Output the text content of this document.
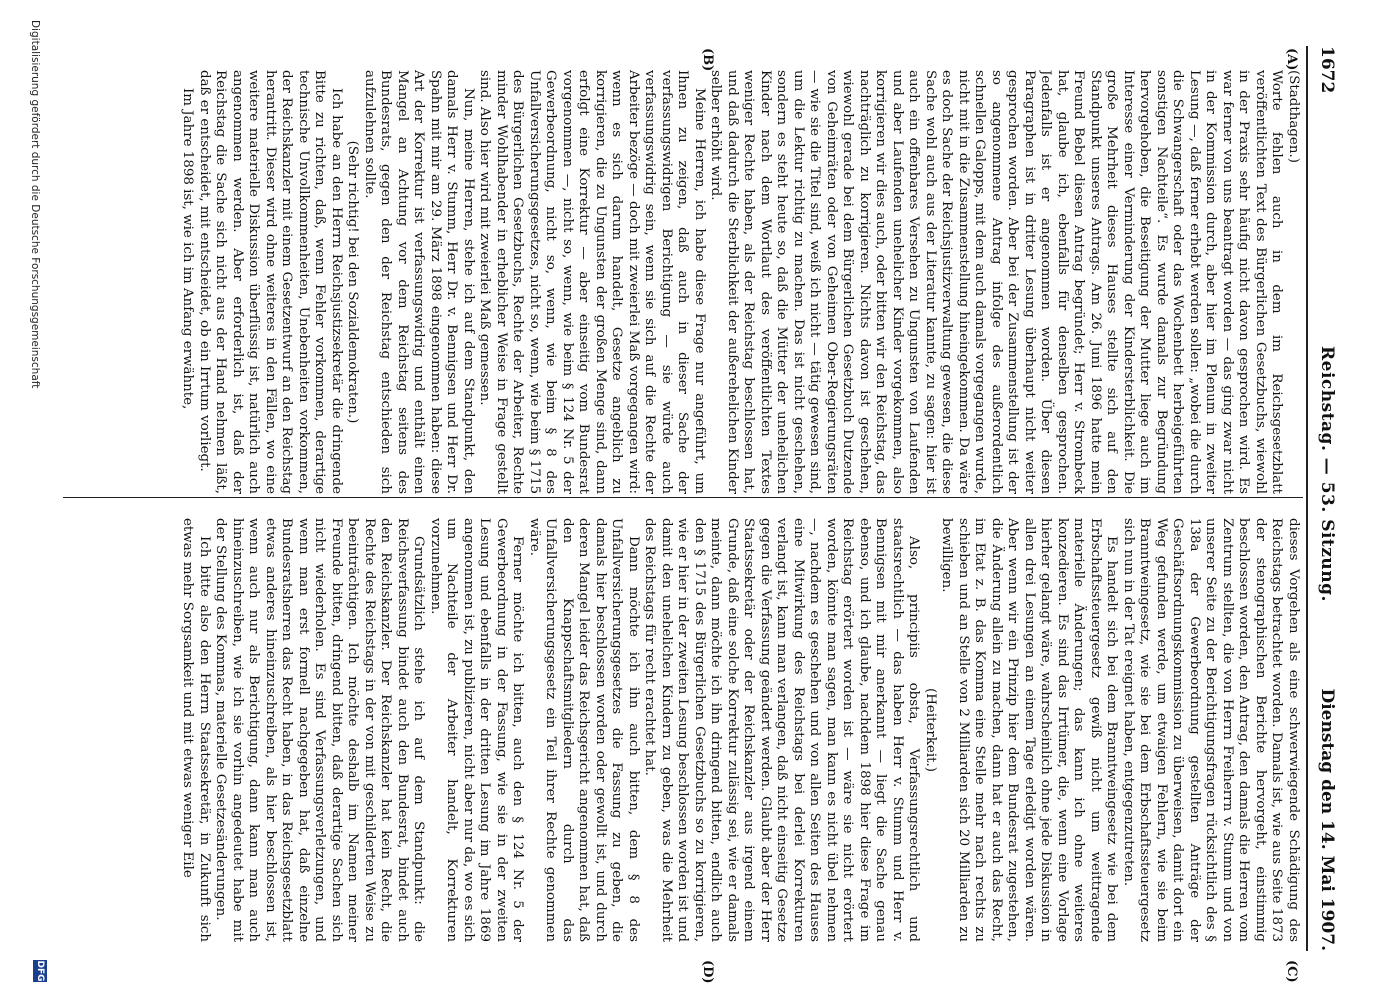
1672
Reichstag. — 53. Sitzung.
Dienstag den 14. Mai 1907.
(A)
(B)
(C)
(D)

(Stadthagen.)

Worte fehlen auch in dem im Reichsgesetzblatt veröffentlichten Text des Bürgerlichen Gesetzbuchs, wiewohl in der Praxis sehr häufig nicht davon gesprochen wird. Es war ferner von uns beantragt worden — das ging zwar nicht in der Kommission durch, aber hier im Plenum in zweiter Lesung —, daß ferner erhebt werden sollen: „wobei die durch die Schwangerschaft oder das Wochenbett herbeigeführten sonstigen Nachteile“. Es wurde damals zur Begründung hervorgehoben, die Beseitigung der Mutter liege auch im Interesse einer Verminderung der Kindersterblichkeit. Die große Mehrheit dieses Hauses stellte sich auf den Standpunkt unseres Antrags. Am 26. Juni 1896 hatte mein Freund Bebel diesen Antrag begründet; Herr v. Strombeck hat, glaube ich, ebenfalls für denselben gesprochen. Jedenfalls ist er angenommen worden. Über diesen Paragraphen ist in dritter Lesung überhaupt nicht weiter gesprochen worden. Aber bei der Zusammenstellung ist der so angenommene Antrag infolge des außerordentlich schnellen Galopps, mit dem auch damals vorgegangen wurde, nicht mit in die Zusammenstellung hineingekommen. Da wäre es doch Sache der Reichsjustizverwaltung gewesen, die diese Sache wohl auch aus der Literatur kannte, zu sagen: hier ist auch ein offenbares Versehen zu Ungunsten von Laufenden und aber Laufenden unehelicher Kinder vorgekommen, also korrigieren wir dies auch, oder bitten wir den Reichstag, das nachträglich zu korrigieren. Nichts davon ist geschehen, wiewohl gerade bei dem Bürgerlichen Gesetzbuch Dutzende von Geheimräten oder von Geheimen Ober-Regierungsräten — wie sie die Titel sind, weiß ich nicht — tätig gewesen sind, um die Lektur richtig zu machen. Das ist nicht geschehen, sondern es steht heute so, daß die Mütter der unehelichen Kinder nach dem Wortlaut des veröffentlichten Textes weniger Rechte haben, als der Reichstag beschlossen hat, und daß dadurch die Sterblichkeit der außerehelichen Kinder selber erhöht wird.

Meine Herren, ich habe diese Frage nur angeführt, um Ihnen zu zeigen, daß auch in dieser Sache der verfassungswidrigen Berichtigung — sie würde auch verfassungswidrig sein, wenn sie sich auf die Rechte der Arbeiter bezöge — doch mit zweierlei Maß vorgegangen wird: wenn es sich darum handelt, Gesetze angeblich zu korrigieren, die zu Ungunsten der großen Menge sind, dann erfolgt eine Korrektur — aber einseitig vom Bundesrat vorgenommen —, nicht so, wenn, wie beim § 124 Nr. 5 der Gewerbeordnung, nicht so, wenn, wie beim § 8 des Unfallversicherungsgesetzes, nicht so, wenn, wie beim § 1715 des Bürgerlichen Gesetzbuchs, Rechte der Arbeiter, Rechte minder Wohlhabender in erheblicher Weise in Frage gestellt sind. Also hier wird mit zweierlei Maß gemessen.

Nun, meine Herren, stehe ich auf dem Standpunkt, den damals Herr v. Stumm, Herr Dr. v. Bennigsen und Herr Dr. Spahn mit mir am 29. März 1898 eingenommen haben: diese Art der Korrektur ist verfassungswidrig und enthält einen Mangel an Achtung vor dem Reichstag seitens des Bundesrats, gegen den der Reichstag entschieden sich aufzulehnen sollte.

(Sehr richtig! bei den Sozialdemokraten.)

Ich habe an den Herrn Reichsjustizsekretär die dringende Bitte zu richten, daß, wenn Fehler vorkommen, derartige technische Unvollkommenheiten, Unebenheiten vorkommen, der Reichskanzler mit einem Gesetzentwurf an den Reichstag herantritt. Dieser wird ohne weiteres in den Fällen, wo eine weitere materielle Diskussion überflüssig ist, natürlich auch angenommen werden. Aber erforderlich ist, daß der Reichstag die Sache sich nicht aus der Hand nehmen läßt, daß er entscheidet, mit entscheidet, ob ein Irrtum vorliegt.

Im Jahre 1898 ist, wie ich im Anfang erwähnte,

dieses Vorgehen als eine schwerwiegende Schädigung des Reichstags betrachtet worden. Damals ist, wie aus Seite 1873 der stenographischen Berichte hervorgeht, einstimmig beschlossen worden, den Antrag, den damals die Herren vom Zentrum stellten, die von Herrn Freiherrn v. Stumm und von unserer Seite zu der Berichtigungsfragen rücksichtlich des § 138a der Gewerbeordnung gestellten Anträge der Geschäftsordnungskommission zu überweisen, damit dort ein Weg gefunden werde, um etwaigen Fehlern, wie sie beim Branntweingesetz, wie sie bei dem Erbschaftssteuergesetz sich nun in der Tat ereignet haben, entgegenzutreten.

Es handelt sich bei dem Branntweingesetz wie bei dem Erbschaftssteuergesetz gewiß nicht um weittragende materielle Änderungen; das kann ich ohne weiteres konzedieren. Es sind das Irrtümer, die, wenn eine Vorlage hierher gelangt wäre, wahrscheinlich ohne jede Diskussion in allen drei Lesungen an einem Tage erledigt worden wären. Aber wenn wir ein Prinzip hier dem Bundesrat zugestehen, die Änderung allein zu machen, dann hat er auch das Recht, im Etat z. B. das Komma eine Stelle mehr nach rechts zu schieben und an Stelle von 2 Milliarden sich 20 Milliarden zu bewilligen.

(Heiterkeit.)

Also, principiis obsta, Verfassungsrechtlich und staatsrechtlich — das haben Herr v. Stumm und Herr v. Bennigsen mit mir anerkannt — liegt die Sache genau ebenso, und ich glaube, nachdem 1898 hier diese Frage im Reichstag erörtert worden ist — wäre sie nicht erörtert worden, könnte man sagen, man kann es nicht übel nehmen —, nachdem es geschehen und von allen Seiten des Hauses eine Mitwirkung des Reichstags bei derlei Korrekturen verlangt ist, kann man verlangen, daß nicht einseitig Gesetze gegen die Verfassung geändert werden. Glaubt aber der Herr Staatssekretär oder der Reichskanzler aus irgend einem Grunde, daß eine solche Korrektur zulässig sei, wie er damals meinte, dann möchte ich ihn dringend bitten, endlich auch den § 1715 des Bürgerlichen Gesetzbuchs so zu korrigieren, wie er hier in der zweiten Lesung beschlossen worden ist und damit den unehelichen Kindern zu geben, was die Mehrheit des Reichstags für recht erachtet hat.

Dann möchte ich ihn auch bitten, dem § 8 des Unfallversicherungsgesetzes die Fassung zu geben, die damals hier beschlossen worden oder gewollt ist, und durch deren Mangel leider das Reichsgericht angenommen hat, daß den Knappschaftsmitgliedern durch das Unfallversicherungsgesetz ein Teil ihrer Rechte genommen wäre.

Ferner möchte ich bitten, auch den § 124 Nr. 5 der Gewerbeordnung in der Fassung, wie sie in der zweiten Lesung und ebenfalls in der dritten Lesung im Jahre 1869 angenommen ist, zu publizieren, nicht aber nur da, wo es sich um Nachteile der Arbeiter handelt, Korrekturen vorzunehmen.

Grundsätzlich stehe ich auf dem Standpunkt: die Reichsverfassung bindet auch den Bundesrat, bindet auch den Reichskanzler. Der Reichskanzler hat kein Recht, die Rechte des Reichstags in der von mit geschilderten Weise zu beeinträchtigen. Ich möchte deshalb im Namen meiner Freunde bitten, dringend bitten, daß derartige Sachen sich nicht wiederholen. Es sind Verfassungsverletzungen, und wenn man erst formell nachgegeben hat, daß einzelne Bundesratsherren das Recht haben, in das Reichsgesetzblatt etwas anderes hineinzuschreiben, als hier beschlossen ist, wenn auch nur als Berichtigung, dann kann man auch hineinzuschreiben, wie ich sie vorhin angedeutet habe mit der Stellung des Kommas, materielle Gesetzesänderungen.

Ich bitte also den Herrn Staatssekretär, in Zukunft sich etwas mehr Sorgsamkeit und mit etwas weniger Eile

Digitalisierung gefördert durch die Deutsche Forschungsgemeinschaft
DFG
